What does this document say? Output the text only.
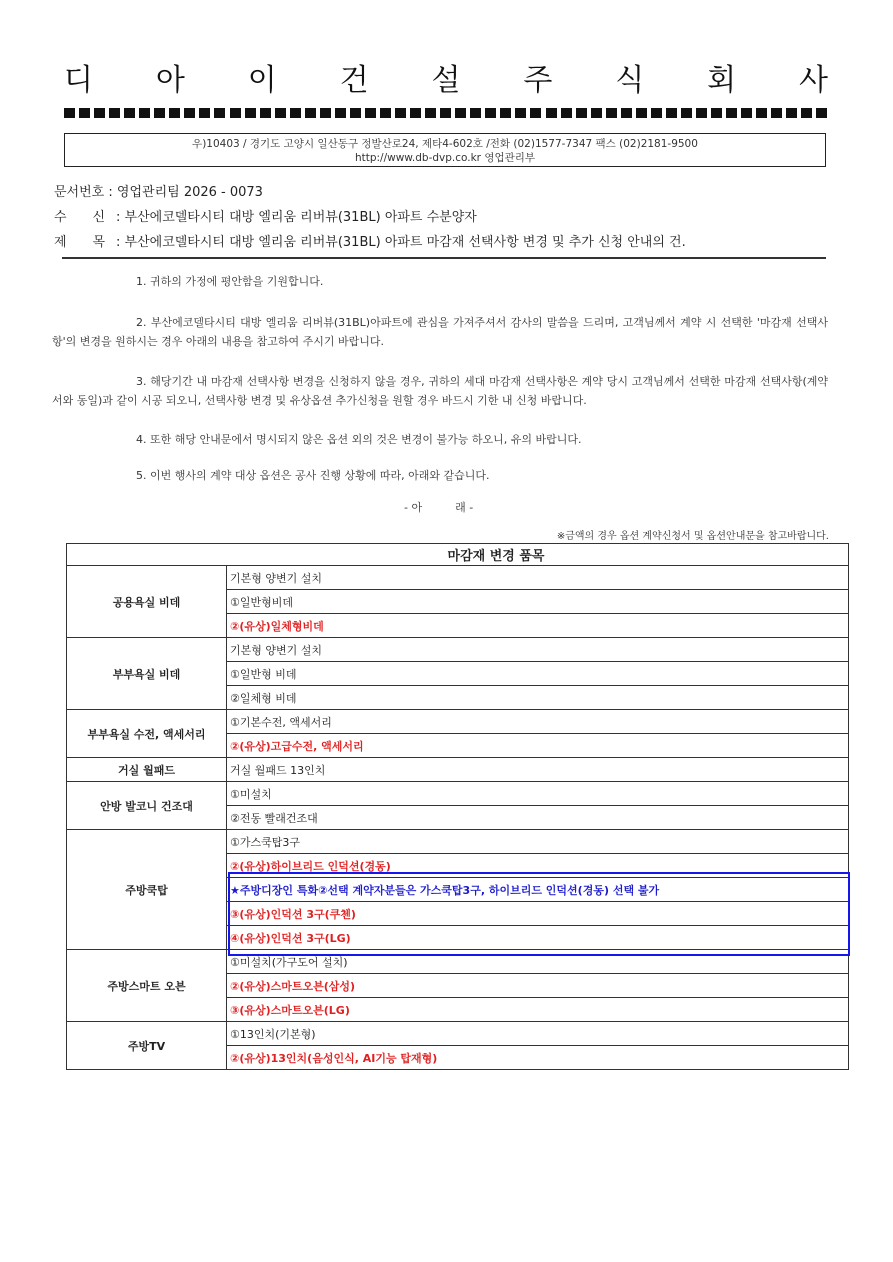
디 아 이 건 설 주 식 회 사
우)10403 / 경기도 고양시 일산동구 정발산로24, 제타4-602호 /전화 (02)1577-7347 팩스 (02)2181-9500
http://www.db-dvp.co.kr 영업관리부
문서번호 : 영업관리팀 2026 - 0073
수　　신 : 부산에코델타시티 대방 엘리움 리버뷰(31BL) 아파트 수분양자
제　　목 : 부산에코델타시티 대방 엘리움 리버뷰(31BL) 아파트 마감재 선택사항 변경 및 추가 신청 안내의 건.
1. 귀하의 가정에 평안함을 기원합니다.
2. 부산에코델타시티 대방 엘리움 리버뷰(31BL)아파트에 관심을 가져주셔서 감사의 말씀을 드리며, 고객님께서 계약 시 선택한 '마감재 선택사항'의 변경을 원하시는 경우 아래의 내용을 참고하여 주시기 바랍니다.
3. 해당기간 내 마감재 선택사항 변경을 신청하지 않을 경우, 귀하의 세대 마감재 선택사항은 계약 당시 고객님께서 선택한 마감재 선택사항(계약서와 동일)과 같이 시공 되오니, 선택사항 변경 및 유상옵션 추가신청을 원할 경우 바드시 기한 내 신청 바랍니다.
4. 또한 해당 안내문에서 명시되지 않은 옵션 외의 것은 변경이 불가능 하오니, 유의 바랍니다.
5. 이번 행사의 계약 대상 옵션은 공사 진행 상황에 따라, 아래와 같습니다.
- 아　　　래 -
※금액의 경우 옵션 계약신청서 및 옵션안내문을 참고바랍니다.
마감재 변경 품목	
공용욕실 비데	기본형 양변기 설치
	①일반형비데
	②(유상)일체형비데
부부욕실 비데	기본형 양변기 설치
	①일반형 비데
	②일체형 비데
부부욕실 수전, 액세서리	①기본수전, 액세서리
	②(유상)고급수전, 액세서리
거실 월패드	거실 월패드 13인치
안방 발코니 건조대	①미설치
	②전동 빨래건조대
주방쿡탑	①가스쿡탑3구
	②(유상)하이브리드 인덕션(경동)
	★주방디장인 특화②선택 계약자분들은 가스쿡탑3구, 하이브리드 인덕션(경동) 선택 불가
	③(유상)인덕션 3구(쿠첸)
	④(유상)인덕션 3구(LG)
주방스마트 오븐	①미설치(가구도어 설치)
	②(유상)스마트오븐(삼성)
	③(유상)스마트오븐(LG)
주방TV	①13인치(기본형)
	②(유상)13인치(음성인식, AI기능 탑재형)
